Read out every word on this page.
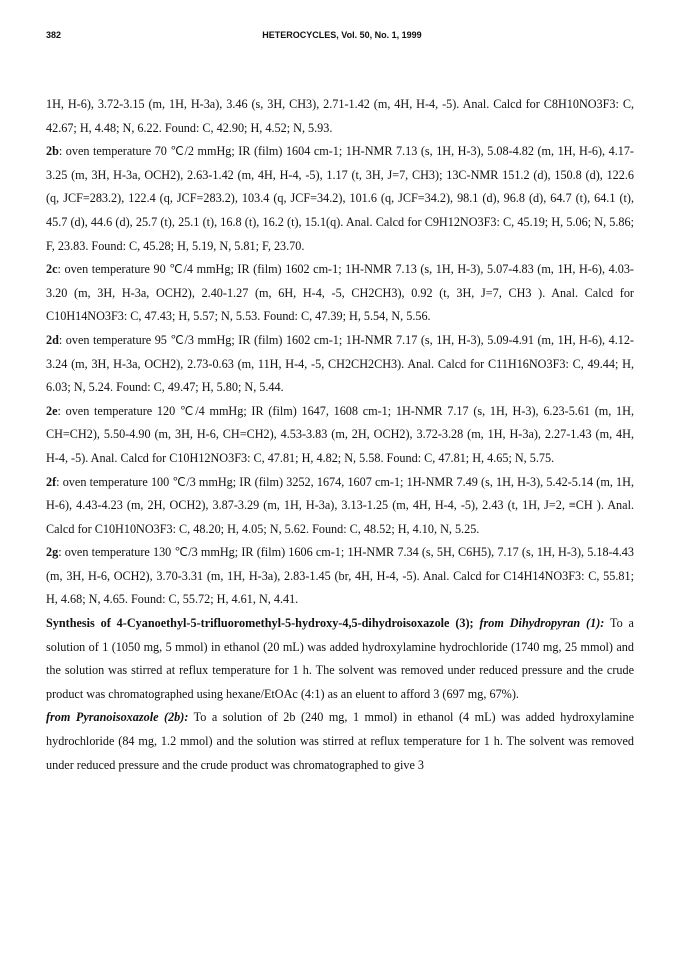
382	HETEROCYCLES, Vol. 50, No. 1, 1999

1H, H-6), 3.72-3.15 (m, 1H, H-3a), 3.46 (s, 3H, CH3), 2.71-1.42 (m, 4H, H-4, -5). Anal. Calcd for C8H10NO3F3: C, 42.67; H, 4.48; N, 6.22. Found: C, 42.90; H, 4.52; N, 5.93.

2b: oven temperature 70 ℃/2 mmHg; IR (film) 1604 cm-1; 1H-NMR 7.13 (s, 1H, H-3), 5.08-4.82 (m, 1H, H-6), 4.17-3.25 (m, 3H, H-3a, OCH2), 2.63-1.42 (m, 4H, H-4, -5), 1.17 (t, 3H, J=7, CH3); 13C-NMR 151.2 (d), 150.8 (d), 122.6 (q, JCF=283.2), 122.4 (q, JCF=283.2), 103.4 (q, JCF=34.2), 101.6 (q, JCF=34.2), 98.1 (d), 96.8 (d), 64.7 (t), 64.1 (t), 45.7 (d), 44.6 (d), 25.7 (t), 25.1 (t), 16.8 (t), 16.2 (t), 15.1(q). Anal. Calcd for C9H12NO3F3: C, 45.19; H, 5.06; N, 5.86; F, 23.83. Found: C, 45.28; H, 5.19, N, 5.81; F, 23.70.

2c: oven temperature 90 ℃/4 mmHg; IR (film) 1602 cm-1; 1H-NMR 7.13 (s, 1H, H-3), 5.07-4.83 (m, 1H, H-6), 4.03-3.20 (m, 3H, H-3a, OCH2), 2.40-1.27 (m, 6H, H-4, -5, CH2CH3), 0.92 (t, 3H, J=7, CH3 ). Anal. Calcd for C10H14NO3F3: C, 47.43; H, 5.57; N, 5.53. Found: C, 47.39; H, 5.54, N, 5.56.

2d: oven temperature 95 ℃/3 mmHg; IR (film) 1602 cm-1; 1H-NMR 7.17 (s, 1H, H-3), 5.09-4.91 (m, 1H, H-6), 4.12-3.24 (m, 3H, H-3a, OCH2), 2.73-0.63 (m, 11H, H-4, -5, CH2CH2CH3). Anal. Calcd for C11H16NO3F3: C, 49.44; H, 6.03; N, 5.24. Found: C, 49.47; H, 5.80; N, 5.44.

2e: oven temperature 120 ℃/4 mmHg; IR (film) 1647, 1608 cm-1; 1H-NMR 7.17 (s, 1H, H-3), 6.23-5.61 (m, 1H, CH=CH2), 5.50-4.90 (m, 3H, H-6, CH=CH2), 4.53-3.83 (m, 2H, OCH2), 3.72-3.28 (m, 1H, H-3a), 2.27-1.43 (m, 4H, H-4, -5). Anal. Calcd for C10H12NO3F3: C, 47.81; H, 4.82; N, 5.58. Found: C, 47.81; H, 4.65; N, 5.75.

2f: oven temperature 100 ℃/3 mmHg; IR (film) 3252, 1674, 1607 cm-1; 1H-NMR 7.49 (s, 1H, H-3), 5.42-5.14 (m, 1H, H-6), 4.43-4.23 (m, 2H, OCH2), 3.87-3.29 (m, 1H, H-3a), 3.13-1.25 (m, 4H, H-4, -5), 2.43 (t, 1H, J=2, ≡CH ). Anal. Calcd for C10H10NO3F3: C, 48.20; H, 4.05; N, 5.62. Found: C, 48.52; H, 4.10, N, 5.25.

2g: oven temperature 130 ℃/3 mmHg; IR (film) 1606 cm-1; 1H-NMR 7.34 (s, 5H, C6H5), 7.17 (s, 1H, H-3), 5.18-4.43 (m, 3H, H-6, OCH2), 3.70-3.31 (m, 1H, H-3a), 2.83-1.45 (br, 4H, H-4, -5). Anal. Calcd for C14H14NO3F3: C, 55.81; H, 4.68; N, 4.65. Found: C, 55.72; H, 4.61, N, 4.41.

Synthesis of 4-Cyanoethyl-5-trifluoromethyl-5-hydroxy-4,5-dihydroisoxazole (3); from Dihydropyran (1): To a solution of 1 (1050 mg, 5 mmol) in ethanol (20 mL) was added hydroxylamine hydrochloride (1740 mg, 25 mmol) and the solution was stirred at reflux temperature for 1 h. The solvent was removed under reduced pressure and the crude product was chromatographed using hexane/EtOAc (4:1) as an eluent to afford 3 (697 mg, 67%).

from Pyranoisoxazole (2b): To a solution of 2b (240 mg, 1 mmol) in ethanol (4 mL) was added hydroxylamine hydrochloride (84 mg, 1.2 mmol) and the solution was stirred at reflux temperature for 1 h. The solvent was removed under reduced pressure and the crude product was chromatographed to give 3
